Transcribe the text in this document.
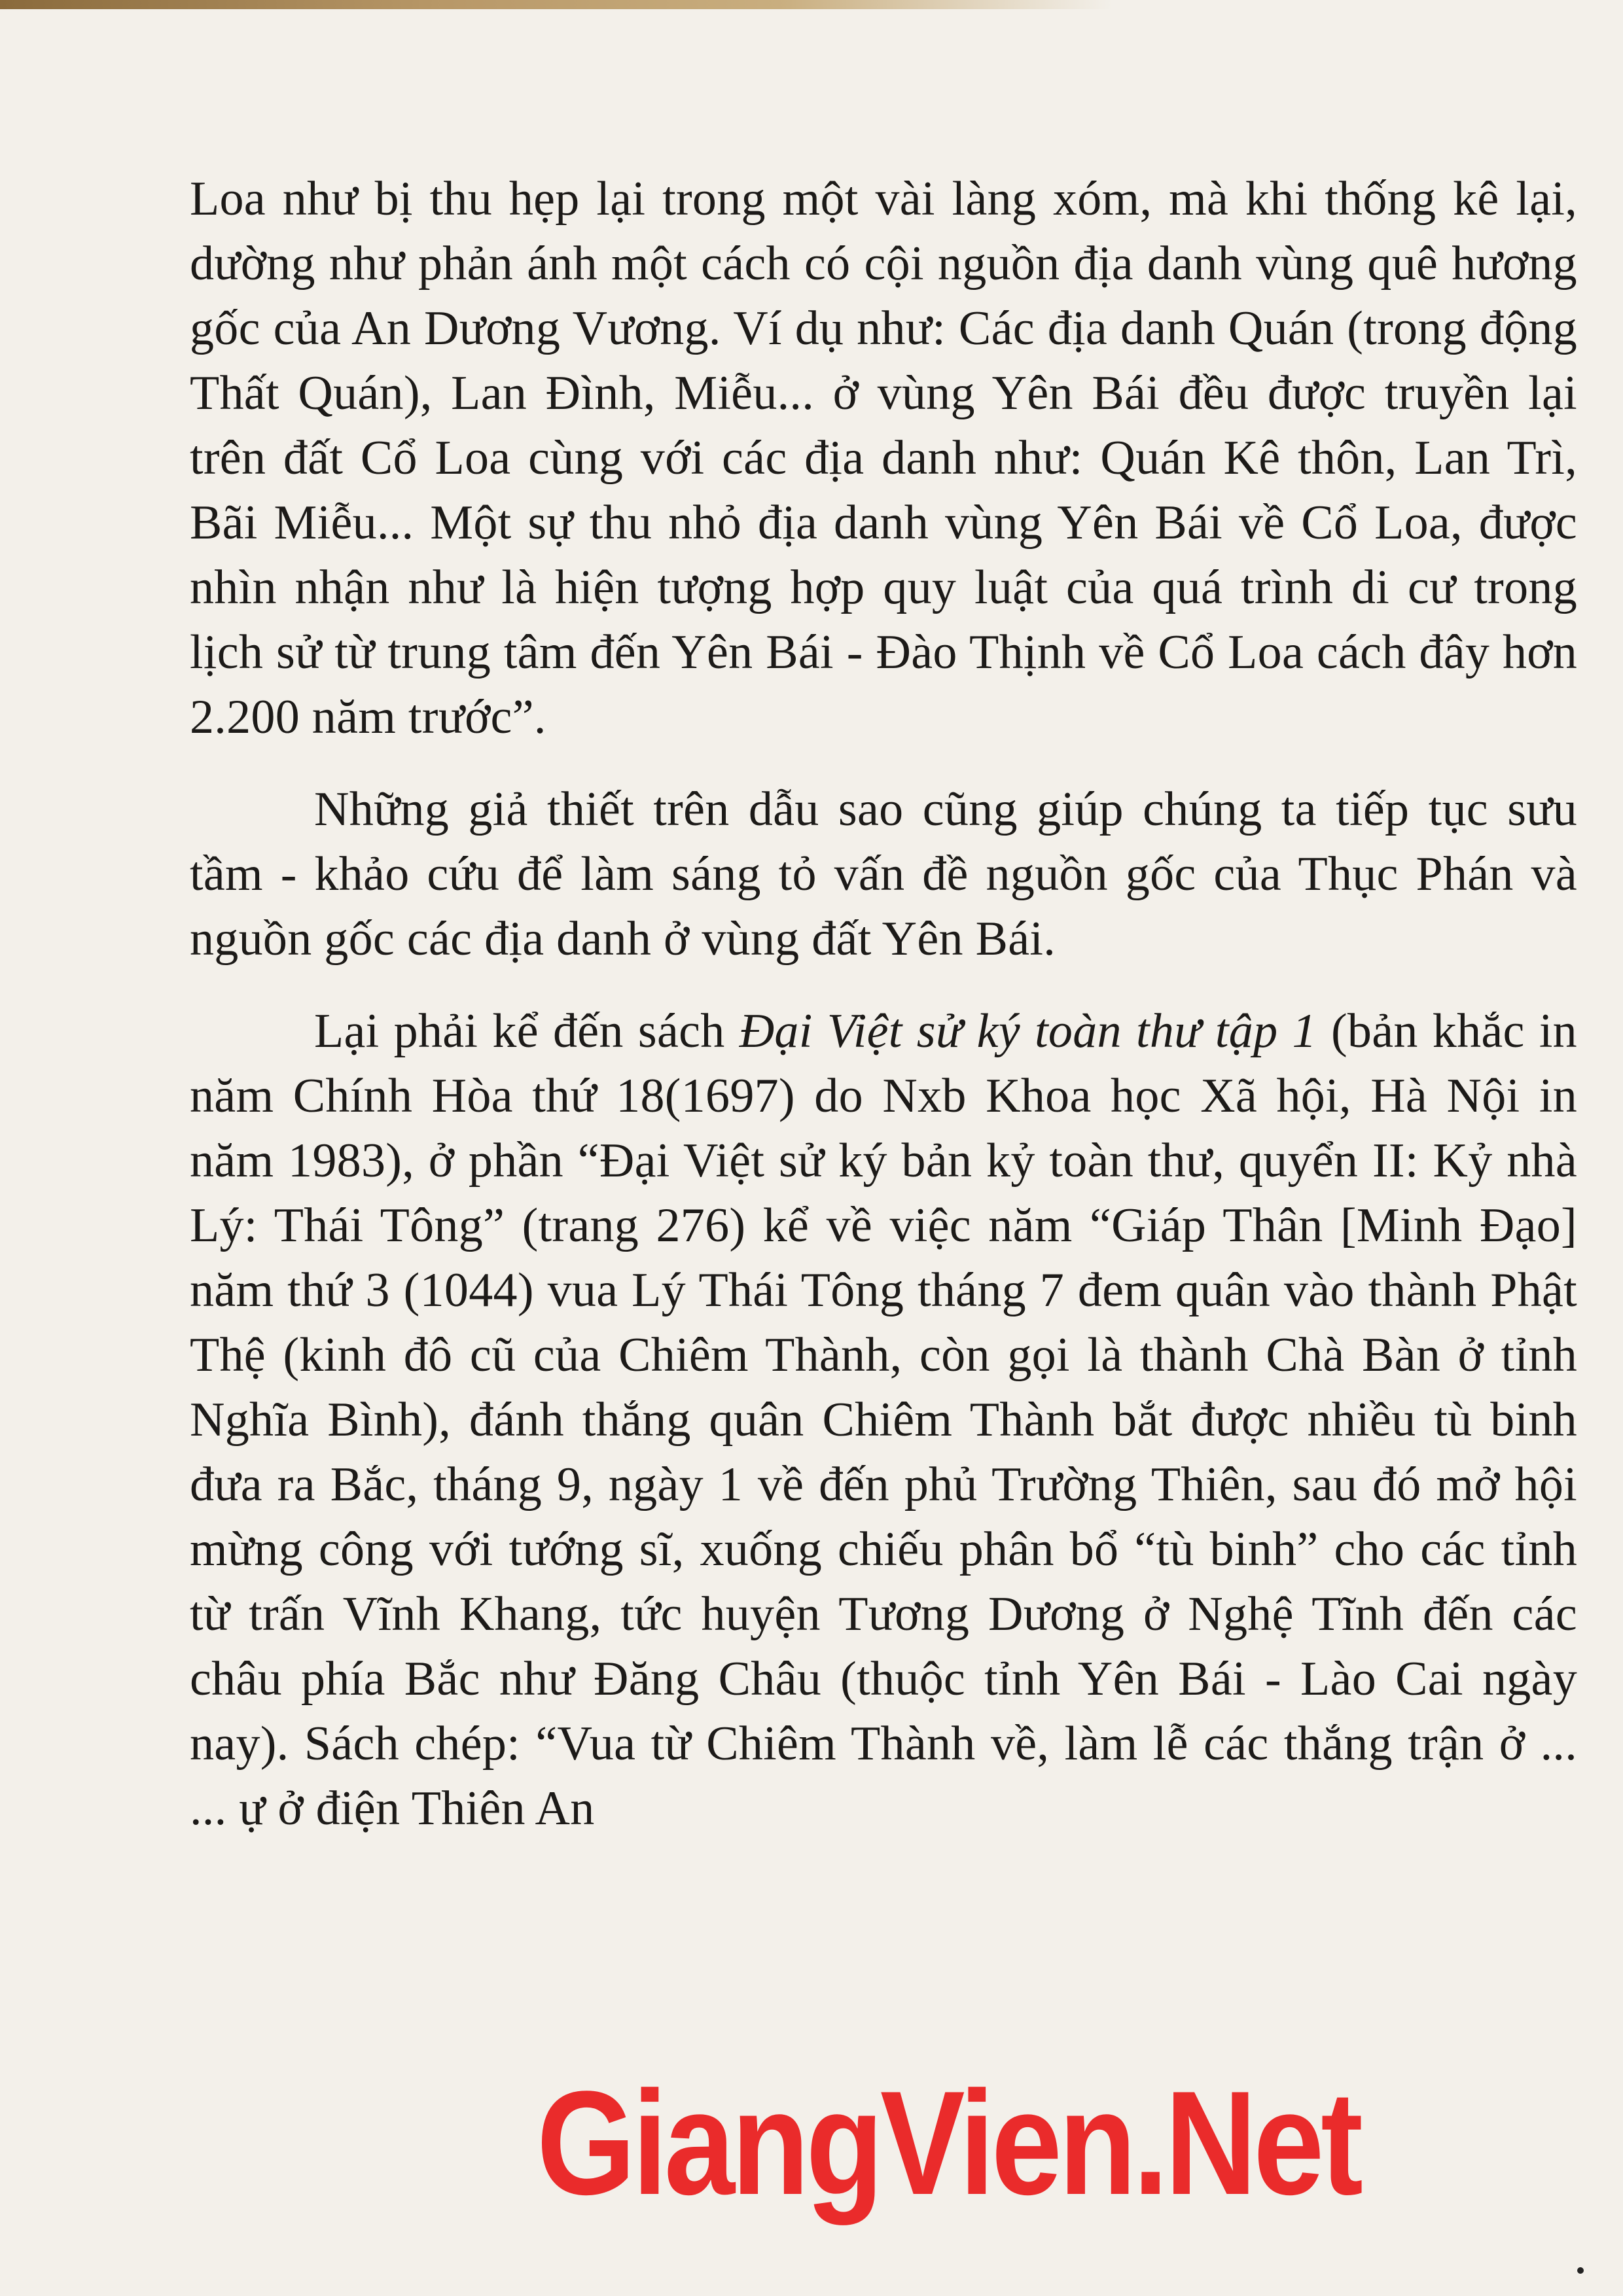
Loa như bị thu hẹp lại trong một vài làng xóm, mà khi thống kê lại, dường như phản ánh một cách có cội nguồn địa danh vùng quê hương gốc của An Dương Vương. Ví dụ như: Các địa danh Quán (trong động Thất Quán), Lan Đình, Miễu... ở vùng Yên Bái đều được truyền lại trên đất Cổ Loa cùng với các địa danh như: Quán Kê thôn, Lan Trì, Bãi Miễu... Một sự thu nhỏ địa danh vùng Yên Bái về Cổ Loa, được nhìn nhận như là hiện tượng hợp quy luật của quá trình di cư trong lịch sử từ trung tâm đến Yên Bái - Đào Thịnh về Cổ Loa cách đây hơn 2.200 năm trước”.

Những giả thiết trên dẫu sao cũng giúp chúng ta tiếp tục sưu tầm - khảo cứu để làm sáng tỏ vấn đề nguồn gốc của Thục Phán và nguồn gốc các địa danh ở vùng đất Yên Bái.

Lại phải kể đến sách Đại Việt sử ký toàn thư tập 1 (bản khắc in năm Chính Hòa thứ 18(1697) do Nxb Khoa học Xã hội, Hà Nội in năm 1983), ở phần “Đại Việt sử ký bản kỷ toàn thư, quyển II: Kỷ nhà Lý: Thái Tông” (trang 276) kể về việc năm “Giáp Thân [Minh Đạo] năm thứ 3 (1044) vua Lý Thái Tông tháng 7 đem quân vào thành Phật Thệ (kinh đô cũ của Chiêm Thành, còn gọi là thành Chà Bàn ở tỉnh Nghĩa Bình), đánh thắng quân Chiêm Thành bắt được nhiều tù binh đưa ra Bắc, tháng 9, ngày 1 về đến phủ Trường Thiên, sau đó mở hội mừng công với tướng sĩ, xuống chiếu phân bổ “tù binh” cho các tỉnh từ trấn Vĩnh Khang, tức huyện Tương Dương ở Nghệ Tĩnh đến các châu phía Bắc như Đăng Châu (thuộc tỉnh Yên Bái - Lào Cai ngày nay). Sách chép: “Vua từ Chiêm Thành về, làm lễ các thắng trận ở ... ... ự ở điện Thiên An

GiangVien.Net
